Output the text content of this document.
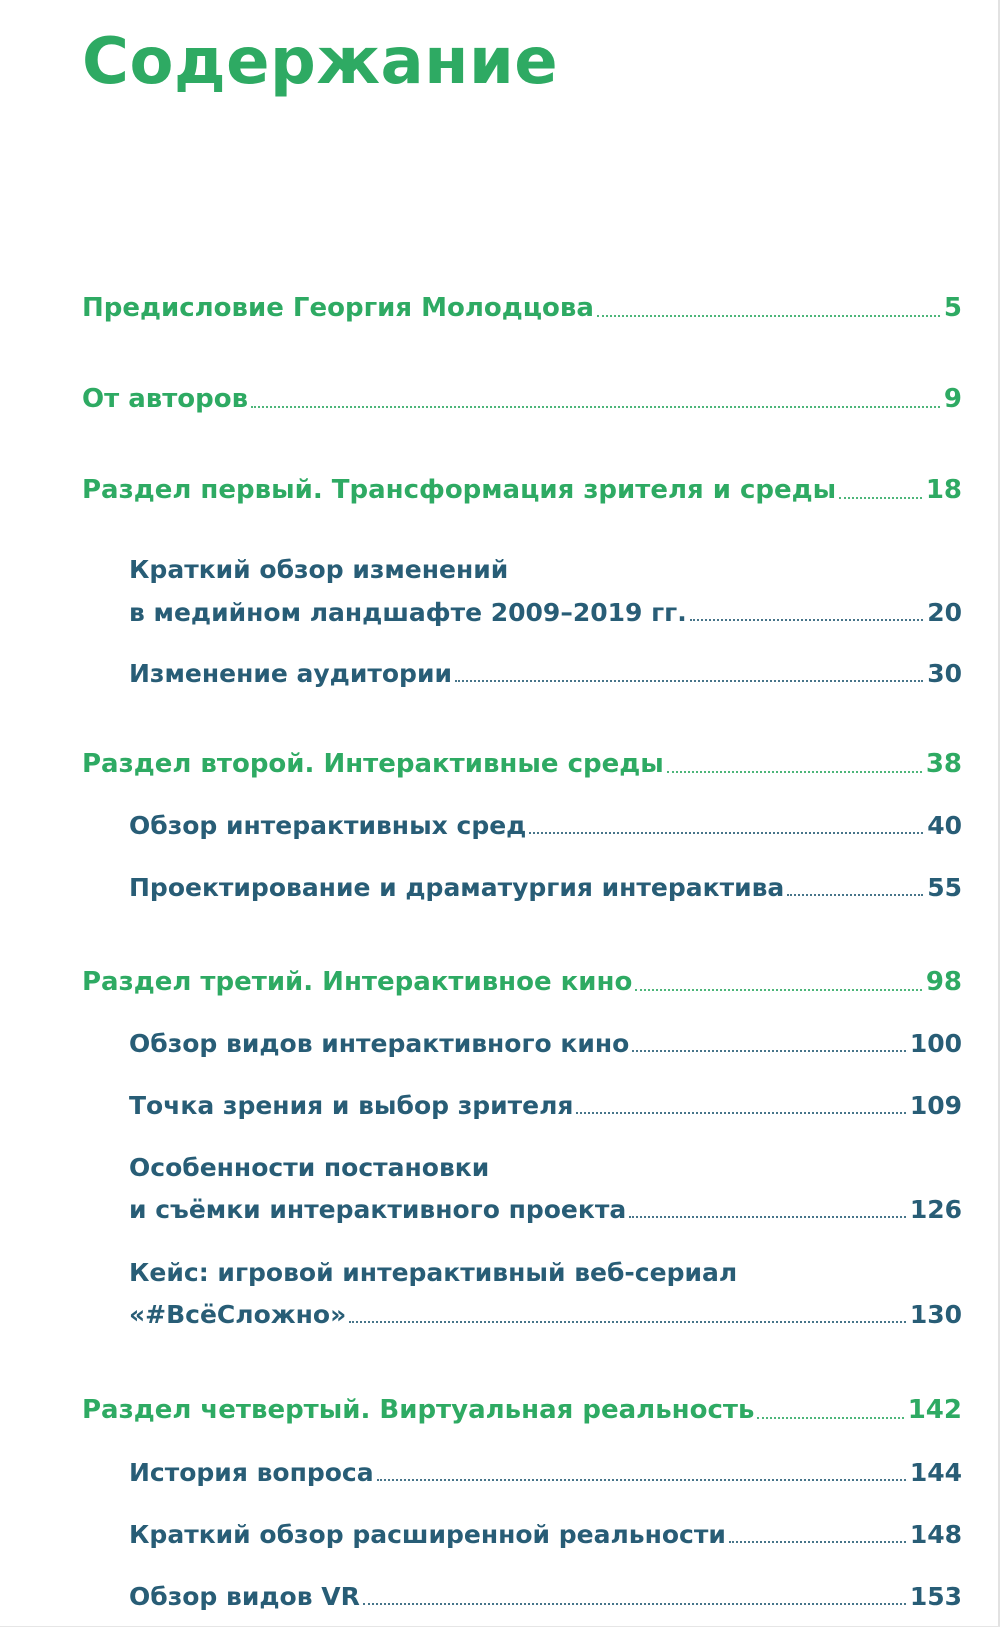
Содержание
Предисловие Георгия Молодцова	5
От авторов	9
Раздел первый. Трансформация зрителя и среды	18
Краткий обзор изменений
в медийном ландшафте 2009–2019 гг.	20
Изменение аудитории	30
Раздел второй. Интерактивные среды	38
Обзор интерактивных сред	40
Проектирование и драматургия интерактива	55
Раздел третий. Интерактивное кино	98
Обзор видов интерактивного кино	100
Точка зрения и выбор зрителя	109
Особенности постановки
и съёмки интерактивного проекта	126
Кейс: игровой интерактивный веб-сериал
«#ВсёСложно»	130
Раздел четвертый. Виртуальная реальность	142
История вопроса	144
Краткий обзор расширенной реальности	148
Обзор видов VR	153
